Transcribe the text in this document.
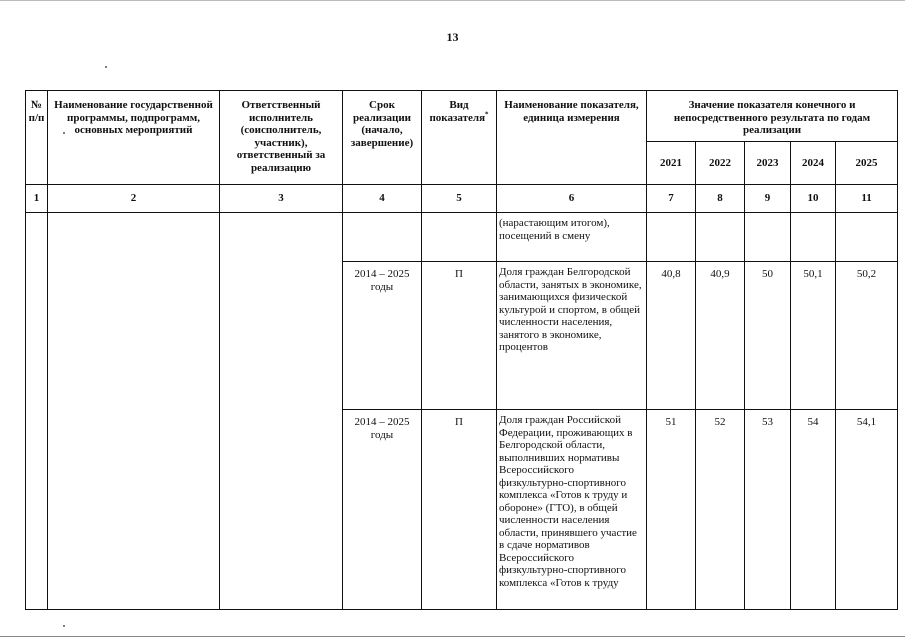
13
№ п/п	Наименование государственной программы, подпрограмм, основных мероприятий	Ответственный исполнитель (соисполнитель, участник), ответственный за реализацию	Срок реализации (начало, завершение)	Вид показателя*	Наименование показателя, единица измерения	Значение показателя конечного и непосредственного результата по годам реализации				
						2021	2022	2023	2024	2025
1	2	3	4	5	6	7	8	9	10	11
					(нарастающим итогом), посещений в смену					
			2014 – 2025 годы	П	Доля граждан Белгородской области, занятых в экономике, занимающихся физической культурой и спортом, в общей численности населения, занятого в экономике, процентов	40,8	40,9	50	50,1	50,2
			2014 – 2025 годы	П	Доля граждан Российской Федерации, проживающих в Белгородской области, выполнивших нормативы Всероссийского физкультурно-спортивного комплекса «Готов к труду и обороне» (ГТО), в общей численности населения области, принявшего участие в сдаче нормативов Всероссийского физкультурно-спортивного комплекса «Готов к труду	51	52	53	54	54,1
